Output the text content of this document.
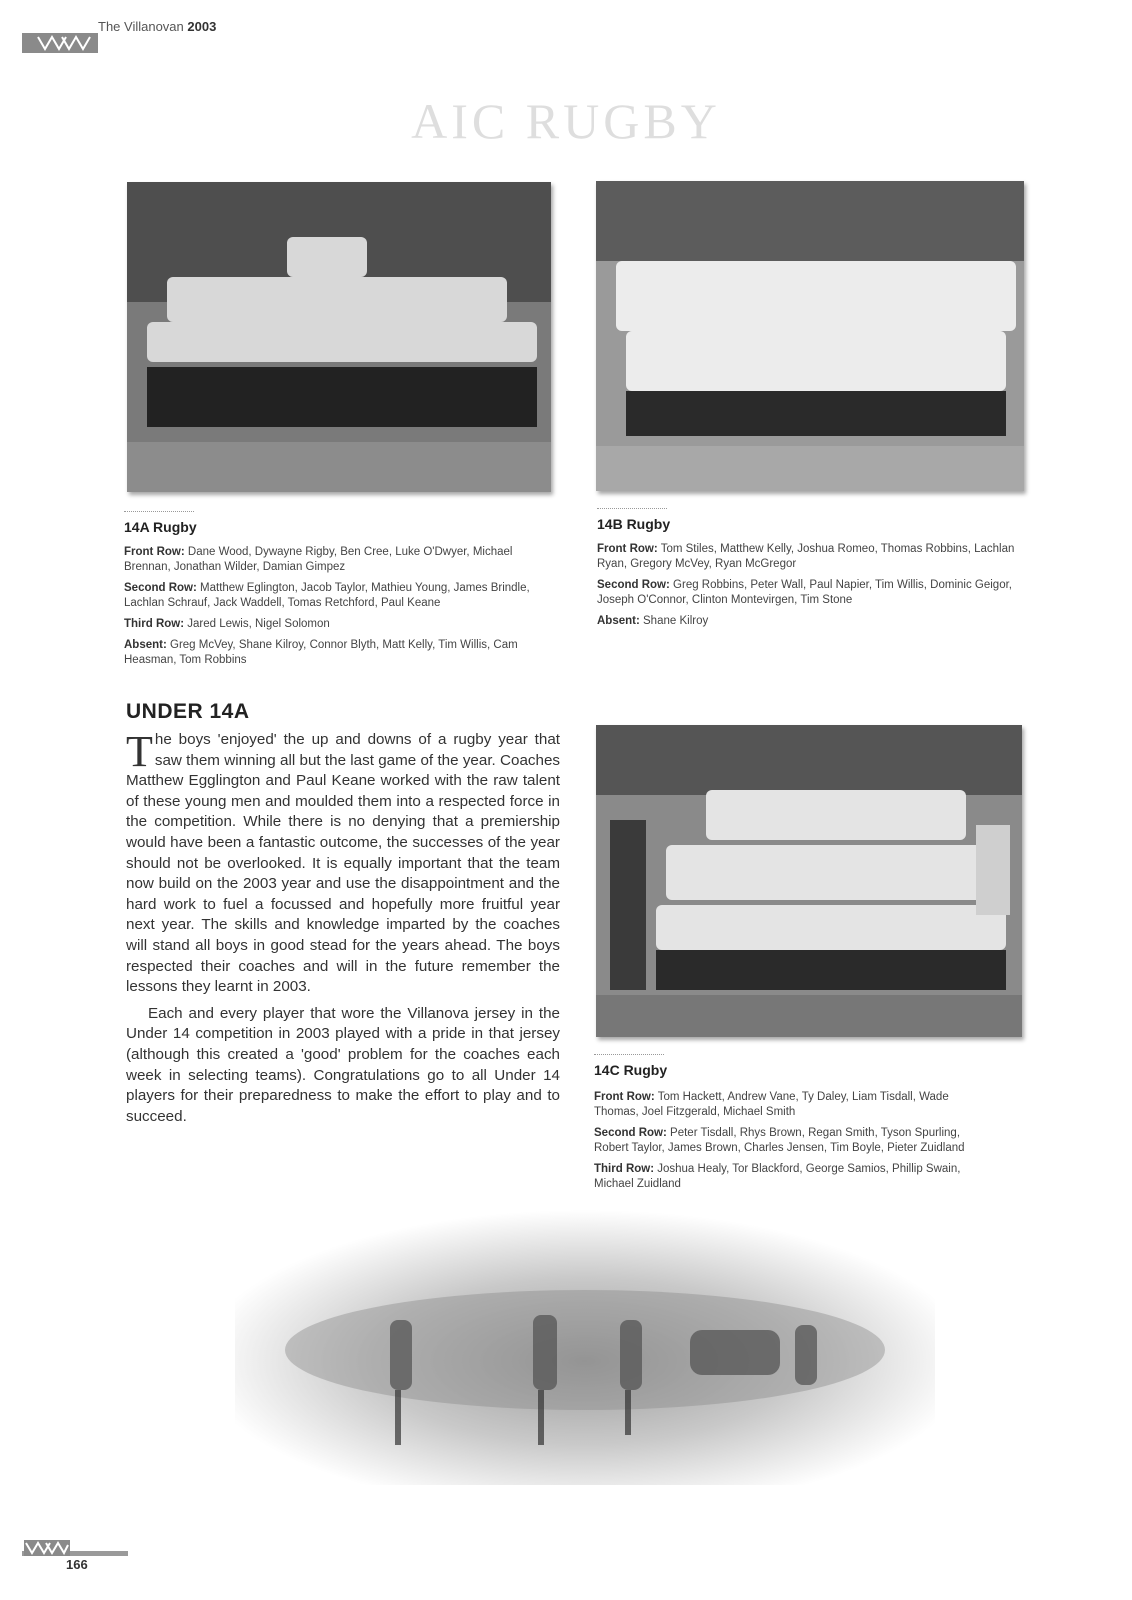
The Villanovan 2003
AIC RUGBY
14A Rugby

Front Row: Dane Wood, Dywayne Rigby, Ben Cree, Luke O'Dwyer, Michael Brennan, Jonathan Wilder, Damian Gimpez

Second Row: Matthew Eglington, Jacob Taylor, Mathieu Young, James Brindle, Lachlan Schrauf, Jack Waddell, Tomas Retchford, Paul Keane

Third Row: Jared Lewis, Nigel Solomon

Absent: Greg McVey, Shane Kilroy, Connor Blyth, Matt Kelly, Tim Willis, Cam Heasman, Tom Robbins

14B Rugby

Front Row: Tom Stiles, Matthew Kelly, Joshua Romeo, Thomas Robbins, Lachlan Ryan, Gregory McVey, Ryan McGregor

Second Row: Greg Robbins, Peter Wall, Paul Napier, Tim Willis, Dominic Geigor, Joseph O'Connor, Clinton Montevirgen, Tim Stone

Absent: Shane Kilroy

UNDER 14A

The boys 'enjoyed' the up and downs of a rugby year that saw them winning all but the last game of the year. Coaches Matthew Egglington and Paul Keane worked with the raw talent of these young men and moulded them into a respected force in the competition. While there is no denying that a premiership would have been a fantastic outcome, the successes of the year should not be overlooked. It is equally important that the team now build on the 2003 year and use the disappointment and the hard work to fuel a focussed and hopefully more fruitful year next year. The skills and knowledge imparted by the coaches will stand all boys in good stead for the years ahead. The boys respected their coaches and will in the future remember the lessons they learnt in 2003.

Each and every player that wore the Villanova jersey in the Under 14 competition in 2003 played with a pride in that jersey (although this created a 'good' problem for the coaches each week in selecting teams). Congratulations go to all Under 14 players for their preparedness to make the effort to play and to succeed.

14C Rugby

Front Row: Tom Hackett, Andrew Vane, Ty Daley, Liam Tisdall, Wade Thomas, Joel Fitzgerald, Michael Smith

Second Row: Peter Tisdall, Rhys Brown, Regan Smith, Tyson Spurling, Robert Taylor, James Brown, Charles Jensen, Tim Boyle, Pieter Zuidland

Third Row: Joshua Healy, Tor Blackford, George Samios, Phillip Swain, Michael Zuidland

166
